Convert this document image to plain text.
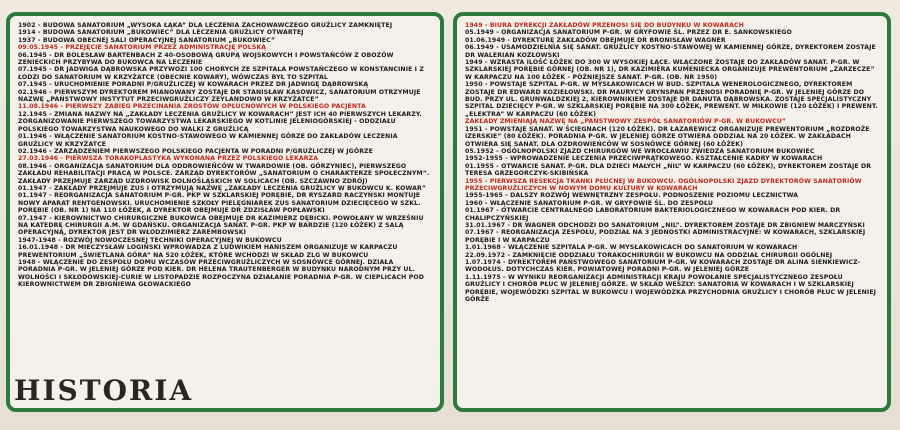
1902 - BUDOWA SANATORIUM „WYSOKA ŁĄKA” DLA LECZENIA ZACHOWAWCZEGO GRUŹLICY ZAMKNIĘTEJ

1914 - BUDOWA SANATORIUM „BUKOWIEC” DLA LECZENIA GRUŹLICY OTWARTEJ

1937 - BUDOWA OBECNEJ SALI OPERACYJNEJ SANATORIUM „BUKOWIEC”

09.05.1945 - PRZEJĘCIE SANATORIUM PRZEZ ADMINISTRACJĘ POLSKĄ

06.1945 - DR BOLESŁAW BARTENBACH Z 40-OSOBOWĄ GRUPĄ WOJSKOWYCH I POWSTAŃCÓW Z OBOZÓW ZENIECKICH PRZYBYWA DO BUKOWCA NA LECZENIE

07.1945 - DR JADWIGA DĄBROWSKA PRZYWOZI 100 CHORYCH ZE SZPITALA POWSTAŃCZEGO W KONSTANCINIE I Z ŁODZI DO SANATORIUM W KRZYŻATCE (OBECNIE KOWARY), WÓWCZAS BYŁ TO SZPITAL

07.1945 - URUCHOMIENIE PORADNI P/GRUŹLICZEJ W KOWARACH PRZEZ DR JADWIGĘ DĄBROWSKĄ

02.1946 - PIERWSZYM DYREKTOREM MIANOWANY ZOSTAJE DR STANISŁAW KASOWICZ, SANATORIUM OTRZYMUJE NAZWĘ „PAŃSTWOWY INSTYTUT PRZECIWGRUŹLICZY ZEYLANDOWO W KRZYŻATCE”

11.08.1946 - PIERWSZY ZABIEG PRZECINANIA ZROSTÓW OPŁUCNOWYCH W POLSKIEGO PACJENTA

12.1945 - ZMIANA NAZWY NA „ZAKŁADY LECZENIA GRUŹLICY W KOWARACH” JEST ICH 40 PIERWSZYCH LEKARZY. ZORGANIZOWANIE PIERWSZEGO TOWARZYSTWA LEKARSKIEGO W KOTLINIE JELENIOGÓRSKIEJ - ODDZIAŁU POLSKIEGO TOWARZYSTWA NAUKOWEGO DO WALKI Z GRUŹLICĄ

01.1946 - WŁĄCZENIE SANATORIUM KOSTNO-STAWOWEGO W KAMIENNEJ GÓRZE DO ZAKŁADÓW LECZENIA GRUŹLICY W KRZYŻATCE

02.1946 - ZARZĄDZENIEM PIERWSZEGO POLSKIEGO PACJENTA W PORADNI P/GRUŹLICZEJ W JGÓRZE

27.03.1946 - PIERWSZA TORAKOPLASTYKA WYKONANA PRZEZ POLSKIEGO LEKARZA

08.1946 - ORGANIZACJA SANATORIUM DLA ODDROWIEŃCÓW W TWARDOWIE (OB. GÓRZYNIEC), PIERWSZEGO ZAKŁADU REHABILITACJI PRACĄ W POLSCE. ZARZĄD DYREKTORÓW „SANATORIUM O CHARAKTERZE SPOŁECZNYM”. ZAKŁADY PRZEJMUJE ZARZĄD UZDROWISK DOLNOŚLĄSKICH W SOLICACH (OB. SZCZAWNO ZDRÓJ)

01.1947 - ZAKŁADY PRZEJMUJE ZUS I OTRZYMUJĄ NAZWĘ „ZAKŁADY LECZENIA GRUŹLICY W BUKOWCU K. KOWAR”

01.1947 - REORGANIZACJA SANATORIUM P-GR. PKP W SZKLARSKIEJ PORĘBIE, DR RYSZARD RACZYŃSKI MONTUJE NOWY APARAT RENTGENOWSKI. URUCHOMIENIE SZKOŁY PIELĘGNIAREK ZUS SANATORIUM DZIECIĘCEGO W SZKL. PORĘBIE (OB. NR 1) NA 110 ŁÓŻEK, A DYREKTOR OBEJMUJE DR ZDZISŁAW POPŁAWSKI

07.1947 - KIEROWNICTWO CHIRURGICZNE BUKOWCA OBEJMUJE DR KAZIMIERZ DĘBICKI. POWOŁANY W WRZEŚNIU NA KATEDRĘ CHIRURGII A.M. W GDAŃSKU. ORGANIZACJA SANAT. P-GR. PKP W BARDZIE (120 ŁÓŻEK) Z SALĄ OPERACYJNĄ, DYREKTOR JEST DR WŁODZIMIERZ ZAREMBOWSKI

1947-1948 - ROZWÓJ NOWOCZESNEJ TECHNIKI OPERACYJNEJ W BUKOWCU

16.01.1948 - DR MIECZYSŁAW LOGIŃSKI WPROWADZA Z LUDWIKIEM HANISZEM ORGANIZUJE W KARPACZU PREWENTORIUM „ŚWIETLANA GÓRA” NA 520 ŁÓŻEK, KTÓRE WCHODZI W SKŁAD ZLG W BUKOWCU

1948 - WŁĄCZENIE DO ZESPOŁU DOMU WCZASÓW PRZECIWGRUŹLICZYCH W SOSNÓWCE GÓRNEJ. DZIAŁA PORADNIA P-GR. W JELENIEJ GÓRZE POD KIER. DR HELENA TRAUTENBERGER W BUDYNKU NARODNYM PRZY UL. WOLNOŚCI I SKŁODOWSKIEJ-CURIE W LISTOPADZIE ROZPOCZYNA DZIAŁANIE PORADNIA P-GR. W CIEPLICACH POD KIEROWNICTWEM DR ZBIGNIEWA GŁOWACKIEGO

1949 - BIURA DYREKCJI ZAKŁADÓW PRZENOSI SIĘ DO BUDYNKU W KOWARACH

05.1949 - ORGANIZACJA SANATORIUM P-GR. W GRYFOWIE ŚL. PRZEZ DR E. SANKOWSKIEGO

01.06.1949 - DYREKTURĘ ZAKŁADÓW OBEJMUJE DR BRONISŁAW WAGNER

06.1949 - USAMODZIELNIA SIĘ SANAT. GRUŹLICY KOSTNO-STAWOWEJ W KAMIENNEJ GÓRZE, DYREKTOREM ZOSTAJE DR WALERIAN KOZŁOWSKI

1949 - WZRASTA ILOŚĆ ŁÓŻEK DO 300 W WYSOKIEJ ŁĄCE. WŁĄCZONE ZOSTAJE DO ZAKŁADÓW SANAT. P-GR. W SZKLARSKIEJ PORĘBIE GÓRNEJ (OB. NR 1), DR KAZIMIERA KUMENIECKA ORGANIZUJE PREWENTORIUM „ZARZECZE” W KARPACZU NA 100 ŁÓŻEK - PÓŹNIEJSZE SANAT. P-GR. (OB. NR 1950)

1950 - POWSTAJE SZPITAL P-GR. W MYSŁAKOWICACH W BUD. SZPITALA WENEROLOGICZNEGO, DYREKTOREM ZOSTAJE DR EDWARD KOZIEŁOWSKI. DR MAURYCY GRYNSPAN PRZENOSI PORADNIĘ P-GR. W JELENIEJ GÓRZE DO BUD. PRZY UL. GRUNWALDZKIEJ 2, KIEROWNIKIEM ZOSTAJE DR DANUTA DĄBROWSKA. ZOSTAJE SPECJALISTYCZNY SZPITAL DZIECIĘCY P-GR. W SZKLARSKIEJ PORĘBIE NA 300 ŁÓŻEK, PREWENT. W MIŁKOWIE (120 ŁÓŻEK) I PREWENT. „ELEKTRA” W KARPACZU (60 ŁÓŻEK)

ZAKŁADY ZMIENIAJĄ NAZWĘ NA „PAŃSTWOWY ZESPÓŁ SANATORIÓW P-GR. W BUKOWCU”

1951 - POWSTAJE SANAT. W ŚCIEGNACH (120 ŁÓŻEK). DR ŁAZAREWICZ ORGANIZUJE PREWENTORIUM „ROZDROŻE IZERSKIE” (80 ŁÓŻEK). PORADNIA P-GR. W JELENIEJ GÓRZE OTWIERA ODDZIAŁ NA 20 ŁÓŻEK. W ZAKŁADACH OTWIERA SIĘ SANAT. DLA OZDROWIEŃCÓW W SOSNÓWCE GÓRNEJ (60 ŁÓŻEK)

05.1952 - OGÓLNOPOLSKI ZJAZD CHIRURGÓW WE WROCŁAWIU ZWIEDZA SANATORIUM BUKOWIEC

1952-1955 - WPROWADZENIE LECZENIA PRZECIWPRĄTKOWEGO. KSZTAŁCENIE KADRY W KOWARACH

01.1955 - OTWARCIE SANAT. P-GR. DLA DZIECI MAŁYCH „NIL” W KARPACZU (60 ŁÓŻEK), DYREKTOREM ZOSTAJE DR TERESA GRZEGORCZYK-SKIBIŃSKA

1955 - PIERWSZA RESEKCJA TKANKI PŁUCNEJ W BUKOWCU. OGÓLNOPOLSKI ZJAZD DYREKTORÓW SANATORIÓW PRZECIWGRUŹLICZYCH W NOWYM DOMU KULTURY W KOWARACH

1955-1965 - DALSZY ROZWÓJ WEWNĘTRZNY ZESPOŁU. PODNOSZENIE POZIOMU LECZNICTWA

1960 - WŁĄCZENIE SANATORIUM P-GR. W GRYFOWIE ŚL. DO ZESPOŁU

01.1967 - OTWARCIE CENTRALNEGO LABORATORIUM BAKTERIOLOGICZNEGO W KOWARACH POD KIER. DR CHALIPCZYŃSKIEJ

31.01.1967 - DR WAGNER ODCHODZI DO SANATORIUM „NIL”. DYREKTOREM ZOSTAJE DR ZBIGNIEW MARCZYŃSKI

07.1967 - REORGANIZACJA ZESPOŁU, PODZIAŁ NA 3 JEDNOSTKI ADMINISTRACYJNE: W KOWARACH, SZKLARSKIEJ PORĘBIE I W KARPACZU

1.01.1968 - WŁĄCZENIE SZPITALA P-GR. W MYSŁAKOWICACH DO SANATORIUM W KOWARACH

22.09.1972 - ZAMKNIĘCIE ODDZIAŁU TORAKOCHIRURGII W BUKOWCU NA ODDZIAŁ CHIRURGII OGÓLNEJ

1.07.1974 - DYREKTOREM PAŃSTWOWEGO SANATORIUM P-GR. W KOWARACH ZOSTAJE DR ALINA SIENKIEWICZ-WODOŁUS. DOTYCHCZAS KIER. POWIATOWEJ PORADNI P-GR. W JELENIEJ GÓRZE

1.11.1975 - W WYNIKU REORGANIZACJI ADMINISTRACJI KRAJU POWOŁANIE SPECJALISTYCZNEGO ZESPOŁU GRUŹLICY I CHORÓB PŁUC W JELENIEJ GÓRZE. W SKŁAD WESZŁY: SANATORIA W KOWARACH I W SZKLARSKIEJ PORĘBIE, WOJEWÓDZKI SZPITAL W BUKOWCU I WOJEWÓDZKA PRZYCHODNIA GRUŹLICY I CHORÓB PŁUC W JELENIEJ GÓRZE

HISTORIA
